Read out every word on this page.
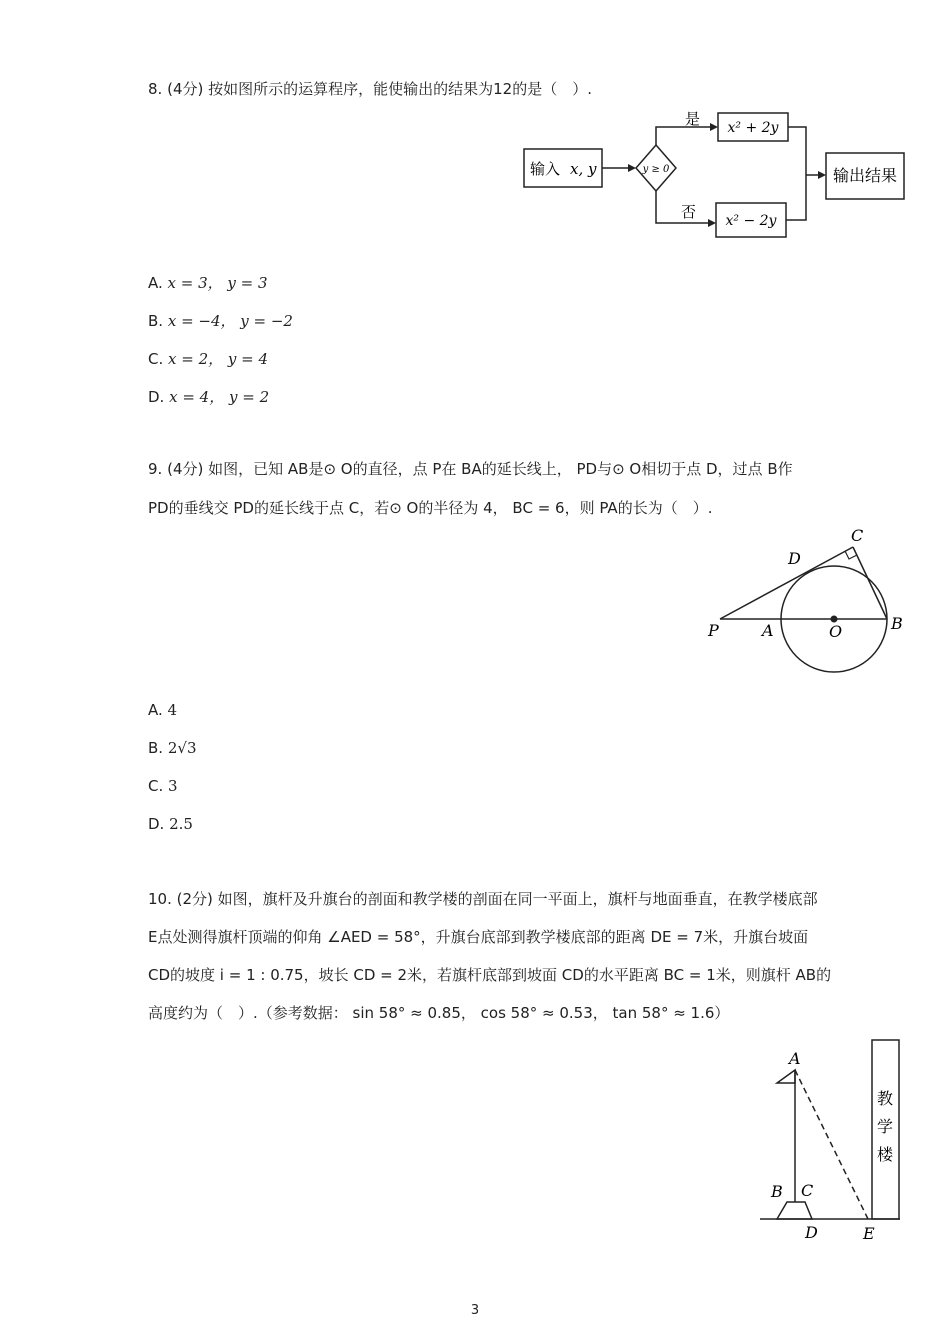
8. (4分) 按如图所示的运算程序，能使输出的结果为12的是（　）.
输入 x, y	y ≥ 0
是
否
x² + 2y
x² − 2y
输出结果
A. x = 3， y = 3
B. x = −4， y = −2
C. x = 2， y = 4
D. x = 4， y = 2
9. (4分) 如图，已知 AB是⊙ O的直径，点 P在 BA的延长线上， PD与⊙ O相切于点 D，过点 B作
PD的垂线交 PD的延长线于点 C，若⊙ O的半径为 4， BC = 6，则 PA的长为（　）.
P	A	O	B
C
D
A. 4
B. 2√3
C. 3
D. 2.5
10. (2分) 如图，旗杆及升旗台的剖面和教学楼的剖面在同一平面上，旗杆与地面垂直，在教学楼底部
E点处测得旗杆顶端的仰角 ∠AED = 58°，升旗台底部到教学楼底部的距离 DE = 7米，升旗台坡面
CD的坡度 i = 1 : 0.75，坡长 CD = 2米，若旗杆底部到坡面 CD的水平距离 BC = 1米，则旗杆 AB的
高度约为（　）.（参考数据： sin 58° ≈ 0.85， cos 58° ≈ 0.53， tan 58° ≈ 1.6）
A
B C
D	E
教
学
楼
3
